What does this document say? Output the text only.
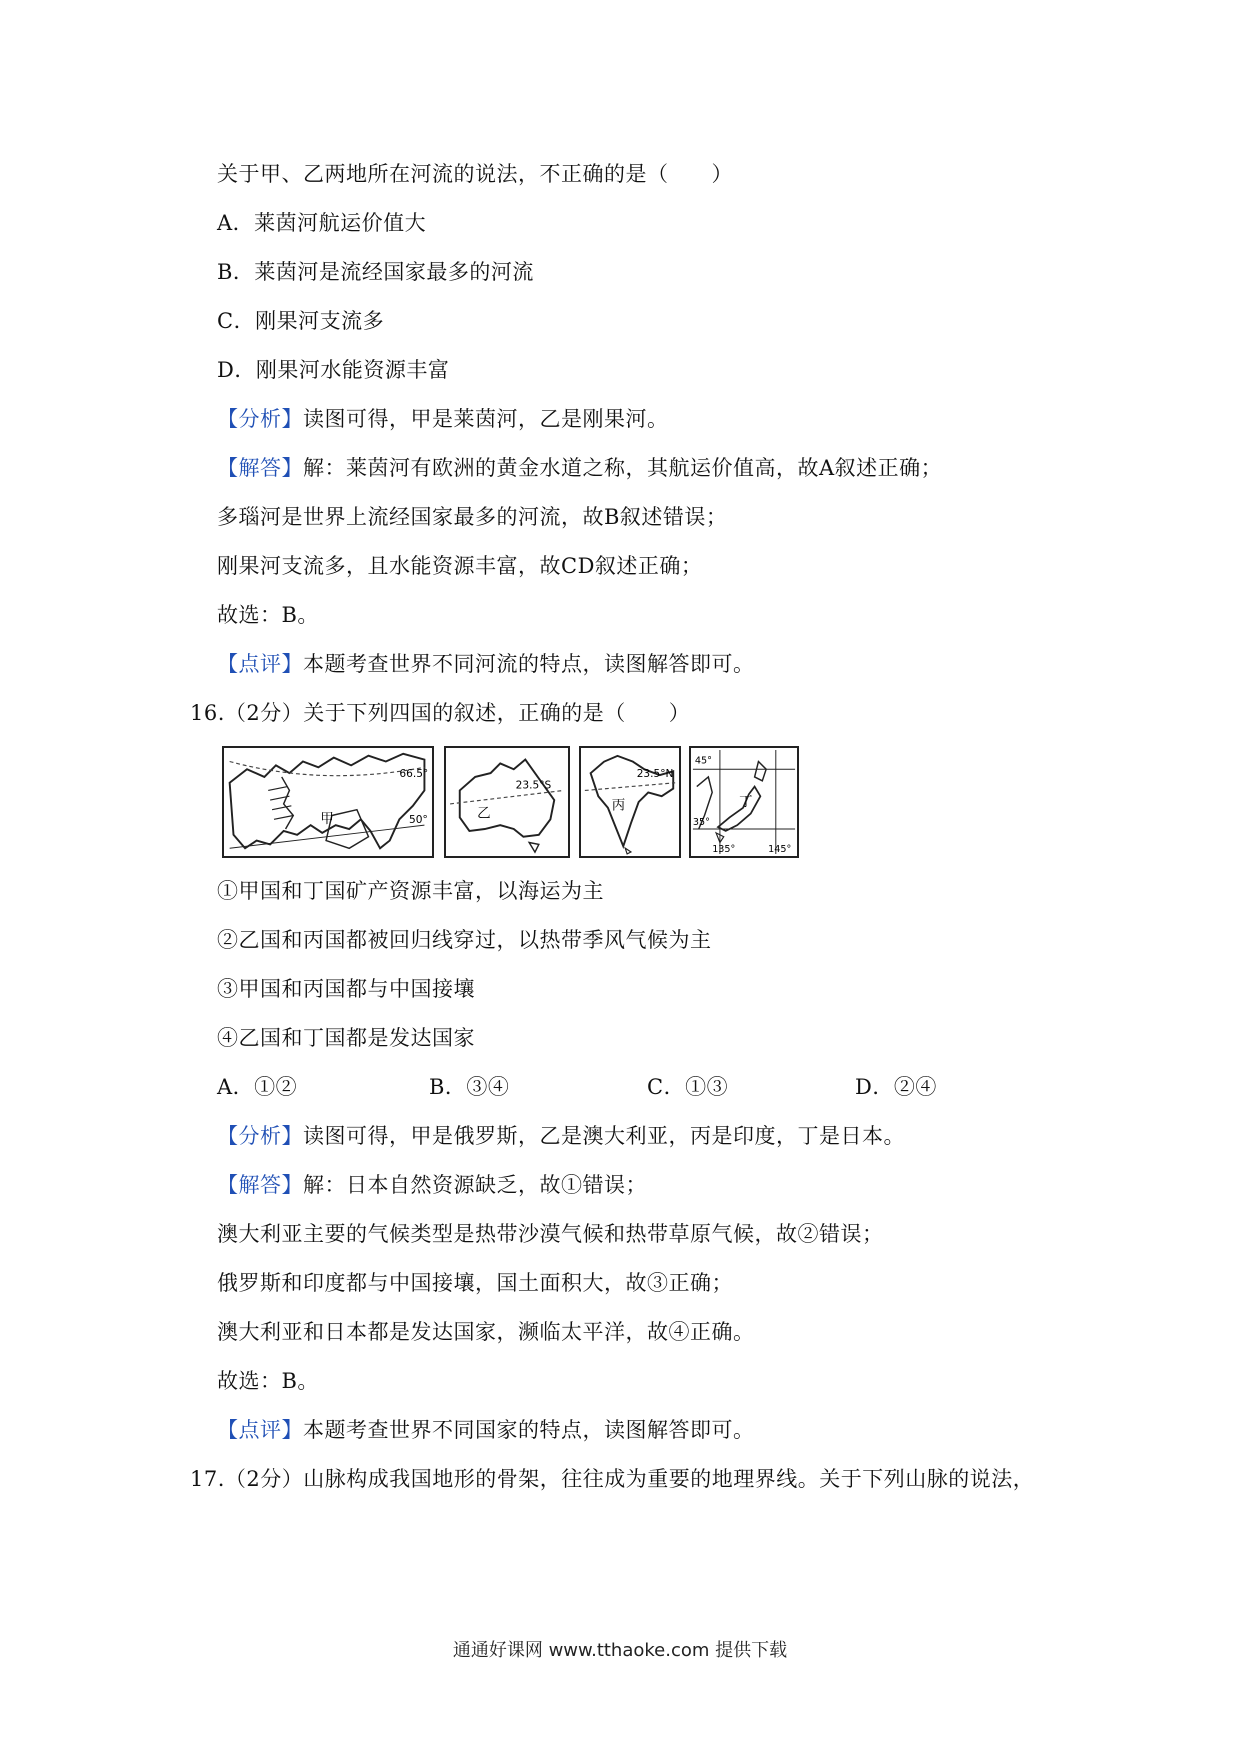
关于甲、乙两地所在河流的说法，不正确的是（　　）
A．莱茵河航运价值大
B．莱茵河是流经国家最多的河流
C．刚果河支流多
D．刚果河水能资源丰富
【分析】读图可得，甲是莱茵河，乙是刚果河。
【解答】解：莱茵河有欧洲的黄金水道之称，其航运价值高，故A叙述正确；
多瑙河是世界上流经国家最多的河流，故B叙述错误；
刚果河支流多，且水能资源丰富，故CD叙述正确；
故选：B。
【点评】本题考查世界不同河流的特点，读图解答即可。
16.（2分）关于下列四国的叙述，正确的是（　　）
66.5°
50°
甲
23.5°S
乙
23.5°N
丙
45°
35°
135°	145°
丁
①甲国和丁国矿产资源丰富，以海运为主
②乙国和丙国都被回归线穿过，以热带季风气候为主
③甲国和丙国都与中国接壤
④乙国和丁国都是发达国家
A．①②	B．③④	C．①③	D．②④
【分析】读图可得，甲是俄罗斯，乙是澳大利亚，丙是印度，丁是日本。
【解答】解：日本自然资源缺乏，故①错误；
澳大利亚主要的气候类型是热带沙漠气候和热带草原气候，故②错误；
俄罗斯和印度都与中国接壤，国土面积大，故③正确；
澳大利亚和日本都是发达国家，濒临太平洋，故④正确。
故选：B。
【点评】本题考查世界不同国家的特点，读图解答即可。
17.（2分）山脉构成我国地形的骨架，往往成为重要的地理界线。关于下列山脉的说法，
通通好课网 www.tthaoke.com 提供下载
